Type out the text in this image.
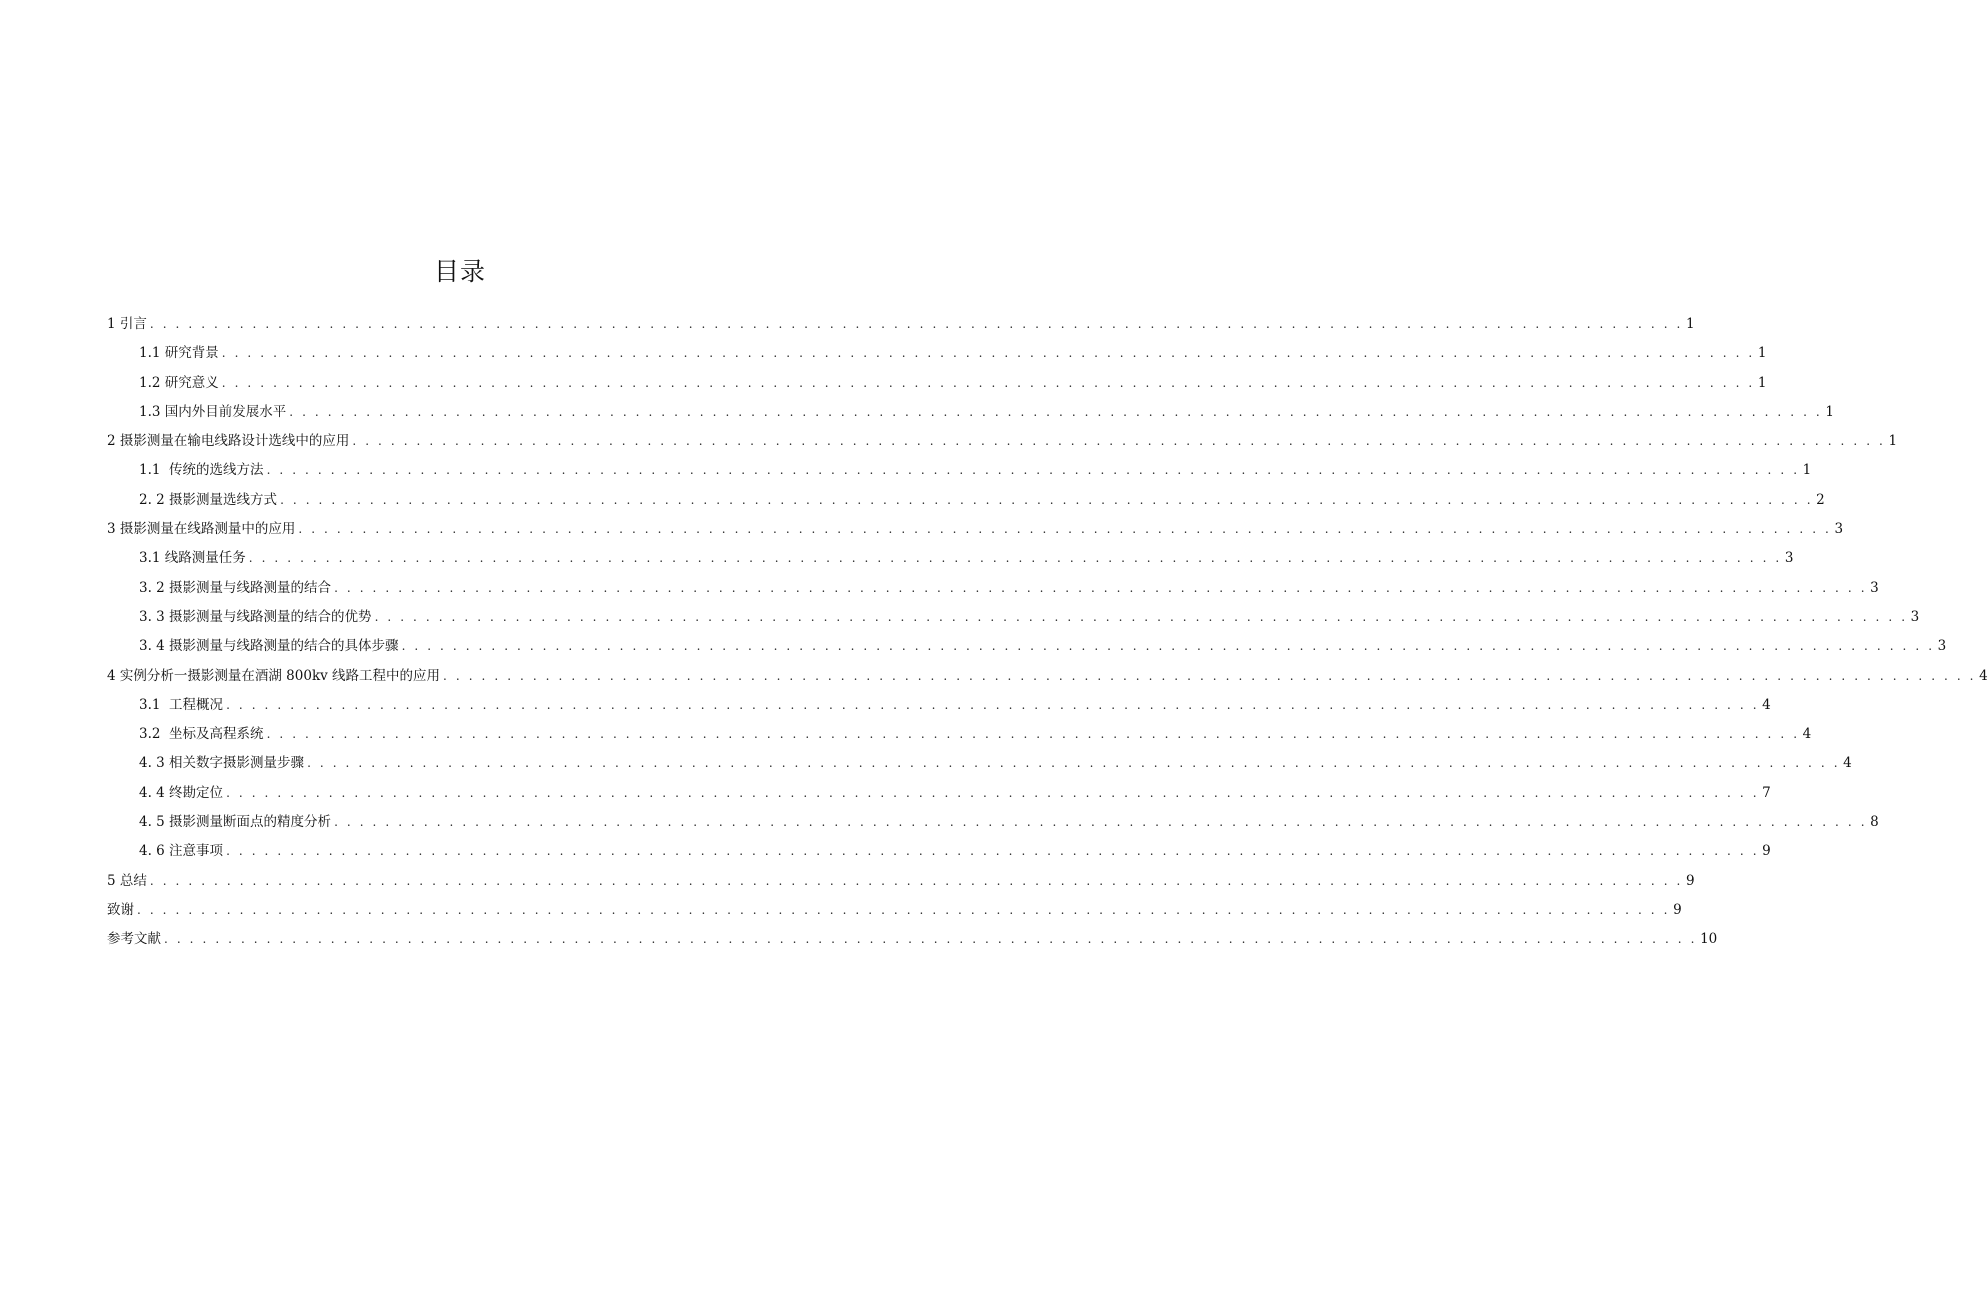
目录
1 引言 . . . . . . . . . . . . . . . . . . . . . . . . . . . . . . . . . . . . . . . . . . . . . . . . . . . . . . . . . . . . . . . . . . . . . . . . . . . . . . . . . . . . . . . . . . . . . . . . . . . . . . . . . . . . . . . . . . . . . . . . 1
1.1 研究背景 . . . . . . . . . . . . . . . . . . . . . . . . . . . . . . . . . . . . . . . . . . . . . . . . . . . . . . . . . . . . . . . . . . . . . . . . . . . . . . . . . . . . . . . . . . . . . . . . . . . . . . . . . . . . . . . . . . . . . . . . 1
1.2 研究意义 . . . . . . . . . . . . . . . . . . . . . . . . . . . . . . . . . . . . . . . . . . . . . . . . . . . . . . . . . . . . . . . . . . . . . . . . . . . . . . . . . . . . . . . . . . . . . . . . . . . . . . . . . . . . . . . . . . . . . . . . 1
1.3 国内外目前发展水平 . . . . . . . . . . . . . . . . . . . . . . . . . . . . . . . . . . . . . . . . . . . . . . . . . . . . . . . . . . . . . . . . . . . . . . . . . . . . . . . . . . . . . . . . . . . . . . . . . . . . . . . . . . . . . . . . . . . . . . . . 1
2 摄影测量在输电线路设计选线中的应用 . . . . . . . . . . . . . . . . . . . . . . . . . . . . . . . . . . . . . . . . . . . . . . . . . . . . . . . . . . . . . . . . . . . . . . . . . . . . . . . . . . . . . . . . . . . . . . . . . . . . . . . . . . . . . . . . . . . . . . . . 1
1.1  传统的选线方法 . . . . . . . . . . . . . . . . . . . . . . . . . . . . . . . . . . . . . . . . . . . . . . . . . . . . . . . . . . . . . . . . . . . . . . . . . . . . . . . . . . . . . . . . . . . . . . . . . . . . . . . . . . . . . . . . . . . . . . . . 1
2. 2 摄影测量选线方式 . . . . . . . . . . . . . . . . . . . . . . . . . . . . . . . . . . . . . . . . . . . . . . . . . . . . . . . . . . . . . . . . . . . . . . . . . . . . . . . . . . . . . . . . . . . . . . . . . . . . . . . . . . . . . . . . . . . . . . . . 2
3 摄影测量在线路测量中的应用 . . . . . . . . . . . . . . . . . . . . . . . . . . . . . . . . . . . . . . . . . . . . . . . . . . . . . . . . . . . . . . . . . . . . . . . . . . . . . . . . . . . . . . . . . . . . . . . . . . . . . . . . . . . . . . . . . . . . . . . . 3
3.1 线路测量任务 . . . . . . . . . . . . . . . . . . . . . . . . . . . . . . . . . . . . . . . . . . . . . . . . . . . . . . . . . . . . . . . . . . . . . . . . . . . . . . . . . . . . . . . . . . . . . . . . . . . . . . . . . . . . . . . . . . . . . . . . 3
3. 2 摄影测量与线路测量的结合 . . . . . . . . . . . . . . . . . . . . . . . . . . . . . . . . . . . . . . . . . . . . . . . . . . . . . . . . . . . . . . . . . . . . . . . . . . . . . . . . . . . . . . . . . . . . . . . . . . . . . . . . . . . . . . . . . . . . . . . . 3
3. 3 摄影测量与线路测量的结合的优势 . . . . . . . . . . . . . . . . . . . . . . . . . . . . . . . . . . . . . . . . . . . . . . . . . . . . . . . . . . . . . . . . . . . . . . . . . . . . . . . . . . . . . . . . . . . . . . . . . . . . . . . . . . . . . . . . . . . . . . . . 3
3. 4 摄影测量与线路测量的结合的具体步骤 . . . . . . . . . . . . . . . . . . . . . . . . . . . . . . . . . . . . . . . . . . . . . . . . . . . . . . . . . . . . . . . . . . . . . . . . . . . . . . . . . . . . . . . . . . . . . . . . . . . . . . . . . . . . . . . . . . . . . . . . 3
4 实例分析一摄影测量在酒湖 800kv 线路工程中的应用 . . . . . . . . . . . . . . . . . . . . . . . . . . . . . . . . . . . . . . . . . . . . . . . . . . . . . . . . . . . . . . . . . . . . . . . . . . . . . . . . . . . . . . . . . . . . . . . . . . . . . . . . . . . . . . . . . . . . . . . . 4
3.1  工程概况 . . . . . . . . . . . . . . . . . . . . . . . . . . . . . . . . . . . . . . . . . . . . . . . . . . . . . . . . . . . . . . . . . . . . . . . . . . . . . . . . . . . . . . . . . . . . . . . . . . . . . . . . . . . . . . . . . . . . . . . . 4
3.2  坐标及高程系统 . . . . . . . . . . . . . . . . . . . . . . . . . . . . . . . . . . . . . . . . . . . . . . . . . . . . . . . . . . . . . . . . . . . . . . . . . . . . . . . . . . . . . . . . . . . . . . . . . . . . . . . . . . . . . . . . . . . . . . . . 4
4. 3 相关数字摄影测量步骤 . . . . . . . . . . . . . . . . . . . . . . . . . . . . . . . . . . . . . . . . . . . . . . . . . . . . . . . . . . . . . . . . . . . . . . . . . . . . . . . . . . . . . . . . . . . . . . . . . . . . . . . . . . . . . . . . . . . . . . . . 4
4. 4 终勘定位 . . . . . . . . . . . . . . . . . . . . . . . . . . . . . . . . . . . . . . . . . . . . . . . . . . . . . . . . . . . . . . . . . . . . . . . . . . . . . . . . . . . . . . . . . . . . . . . . . . . . . . . . . . . . . . . . . . . . . . . . 7
4. 5 摄影测量断面点的精度分析 . . . . . . . . . . . . . . . . . . . . . . . . . . . . . . . . . . . . . . . . . . . . . . . . . . . . . . . . . . . . . . . . . . . . . . . . . . . . . . . . . . . . . . . . . . . . . . . . . . . . . . . . . . . . . . . . . . . . . . . . 8
4. 6 注意事项 . . . . . . . . . . . . . . . . . . . . . . . . . . . . . . . . . . . . . . . . . . . . . . . . . . . . . . . . . . . . . . . . . . . . . . . . . . . . . . . . . . . . . . . . . . . . . . . . . . . . . . . . . . . . . . . . . . . . . . . . 9
5 总结 . . . . . . . . . . . . . . . . . . . . . . . . . . . . . . . . . . . . . . . . . . . . . . . . . . . . . . . . . . . . . . . . . . . . . . . . . . . . . . . . . . . . . . . . . . . . . . . . . . . . . . . . . . . . . . . . . . . . . . . . 9
致谢 . . . . . . . . . . . . . . . . . . . . . . . . . . . . . . . . . . . . . . . . . . . . . . . . . . . . . . . . . . . . . . . . . . . . . . . . . . . . . . . . . . . . . . . . . . . . . . . . . . . . . . . . . . . . . . . . . . . . . . . . 9
参考文献 . . . . . . . . . . . . . . . . . . . . . . . . . . . . . . . . . . . . . . . . . . . . . . . . . . . . . . . . . . . . . . . . . . . . . . . . . . . . . . . . . . . . . . . . . . . . . . . . . . . . . . . . . . . . . . . . . . . . . . . . 10
